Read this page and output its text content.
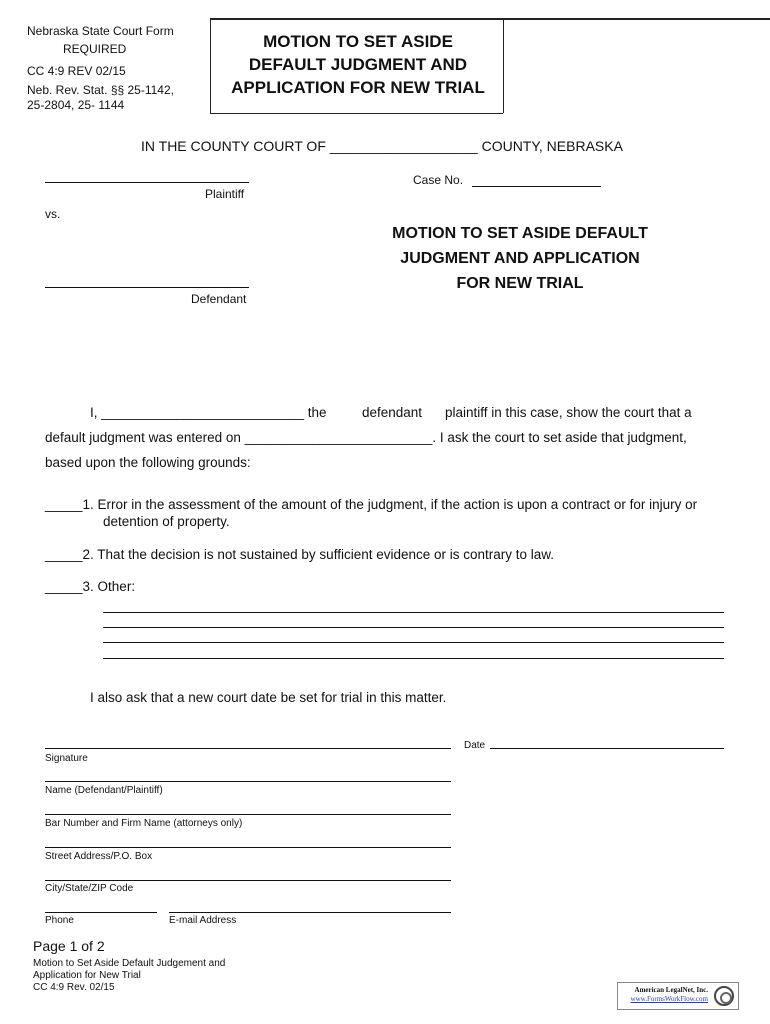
Nebraska State Court Form
REQUIRED
CC 4:9 REV 02/15
Neb. Rev. Stat. §§ 25-1142,
25-2804, 25- 1144
MOTION TO SET ASIDE
DEFAULT JUDGMENT AND
APPLICATION FOR NEW TRIAL
IN THE COUNTY COURT OF ___________________ COUNTY, NEBRASKA
Plaintiff
vs.
Defendant
Case No.
MOTION TO SET ASIDE DEFAULT
JUDGMENT AND APPLICATION
FOR NEW TRIAL
I, ___________________________ the	defendant plaintiff in this case, show the court that a
default judgment was entered on _________________________. I ask the court to set aside that judgment,
based upon the following grounds:
_____1. Error in the assessment of the amount of the judgment, if the action is upon a contract or for injury or
detention of property.
_____2. That the decision is not sustained by sufficient evidence or is contrary to law.
_____3. Other:
I also ask that a new court date be set for trial in this matter.
Signature
Date
Name (Defendant/Plaintiff)
Bar Number and Firm Name (attorneys only)
Street Address/P.O. Box
City/State/ZIP Code
Phone	E-mail Address
Page 1 of 2
Motion to Set Aside Default Judgement and
Application for New Trial
CC 4:9 Rev. 02/15	American LegalNet, Inc.
www.FormsWorkFlow.com
